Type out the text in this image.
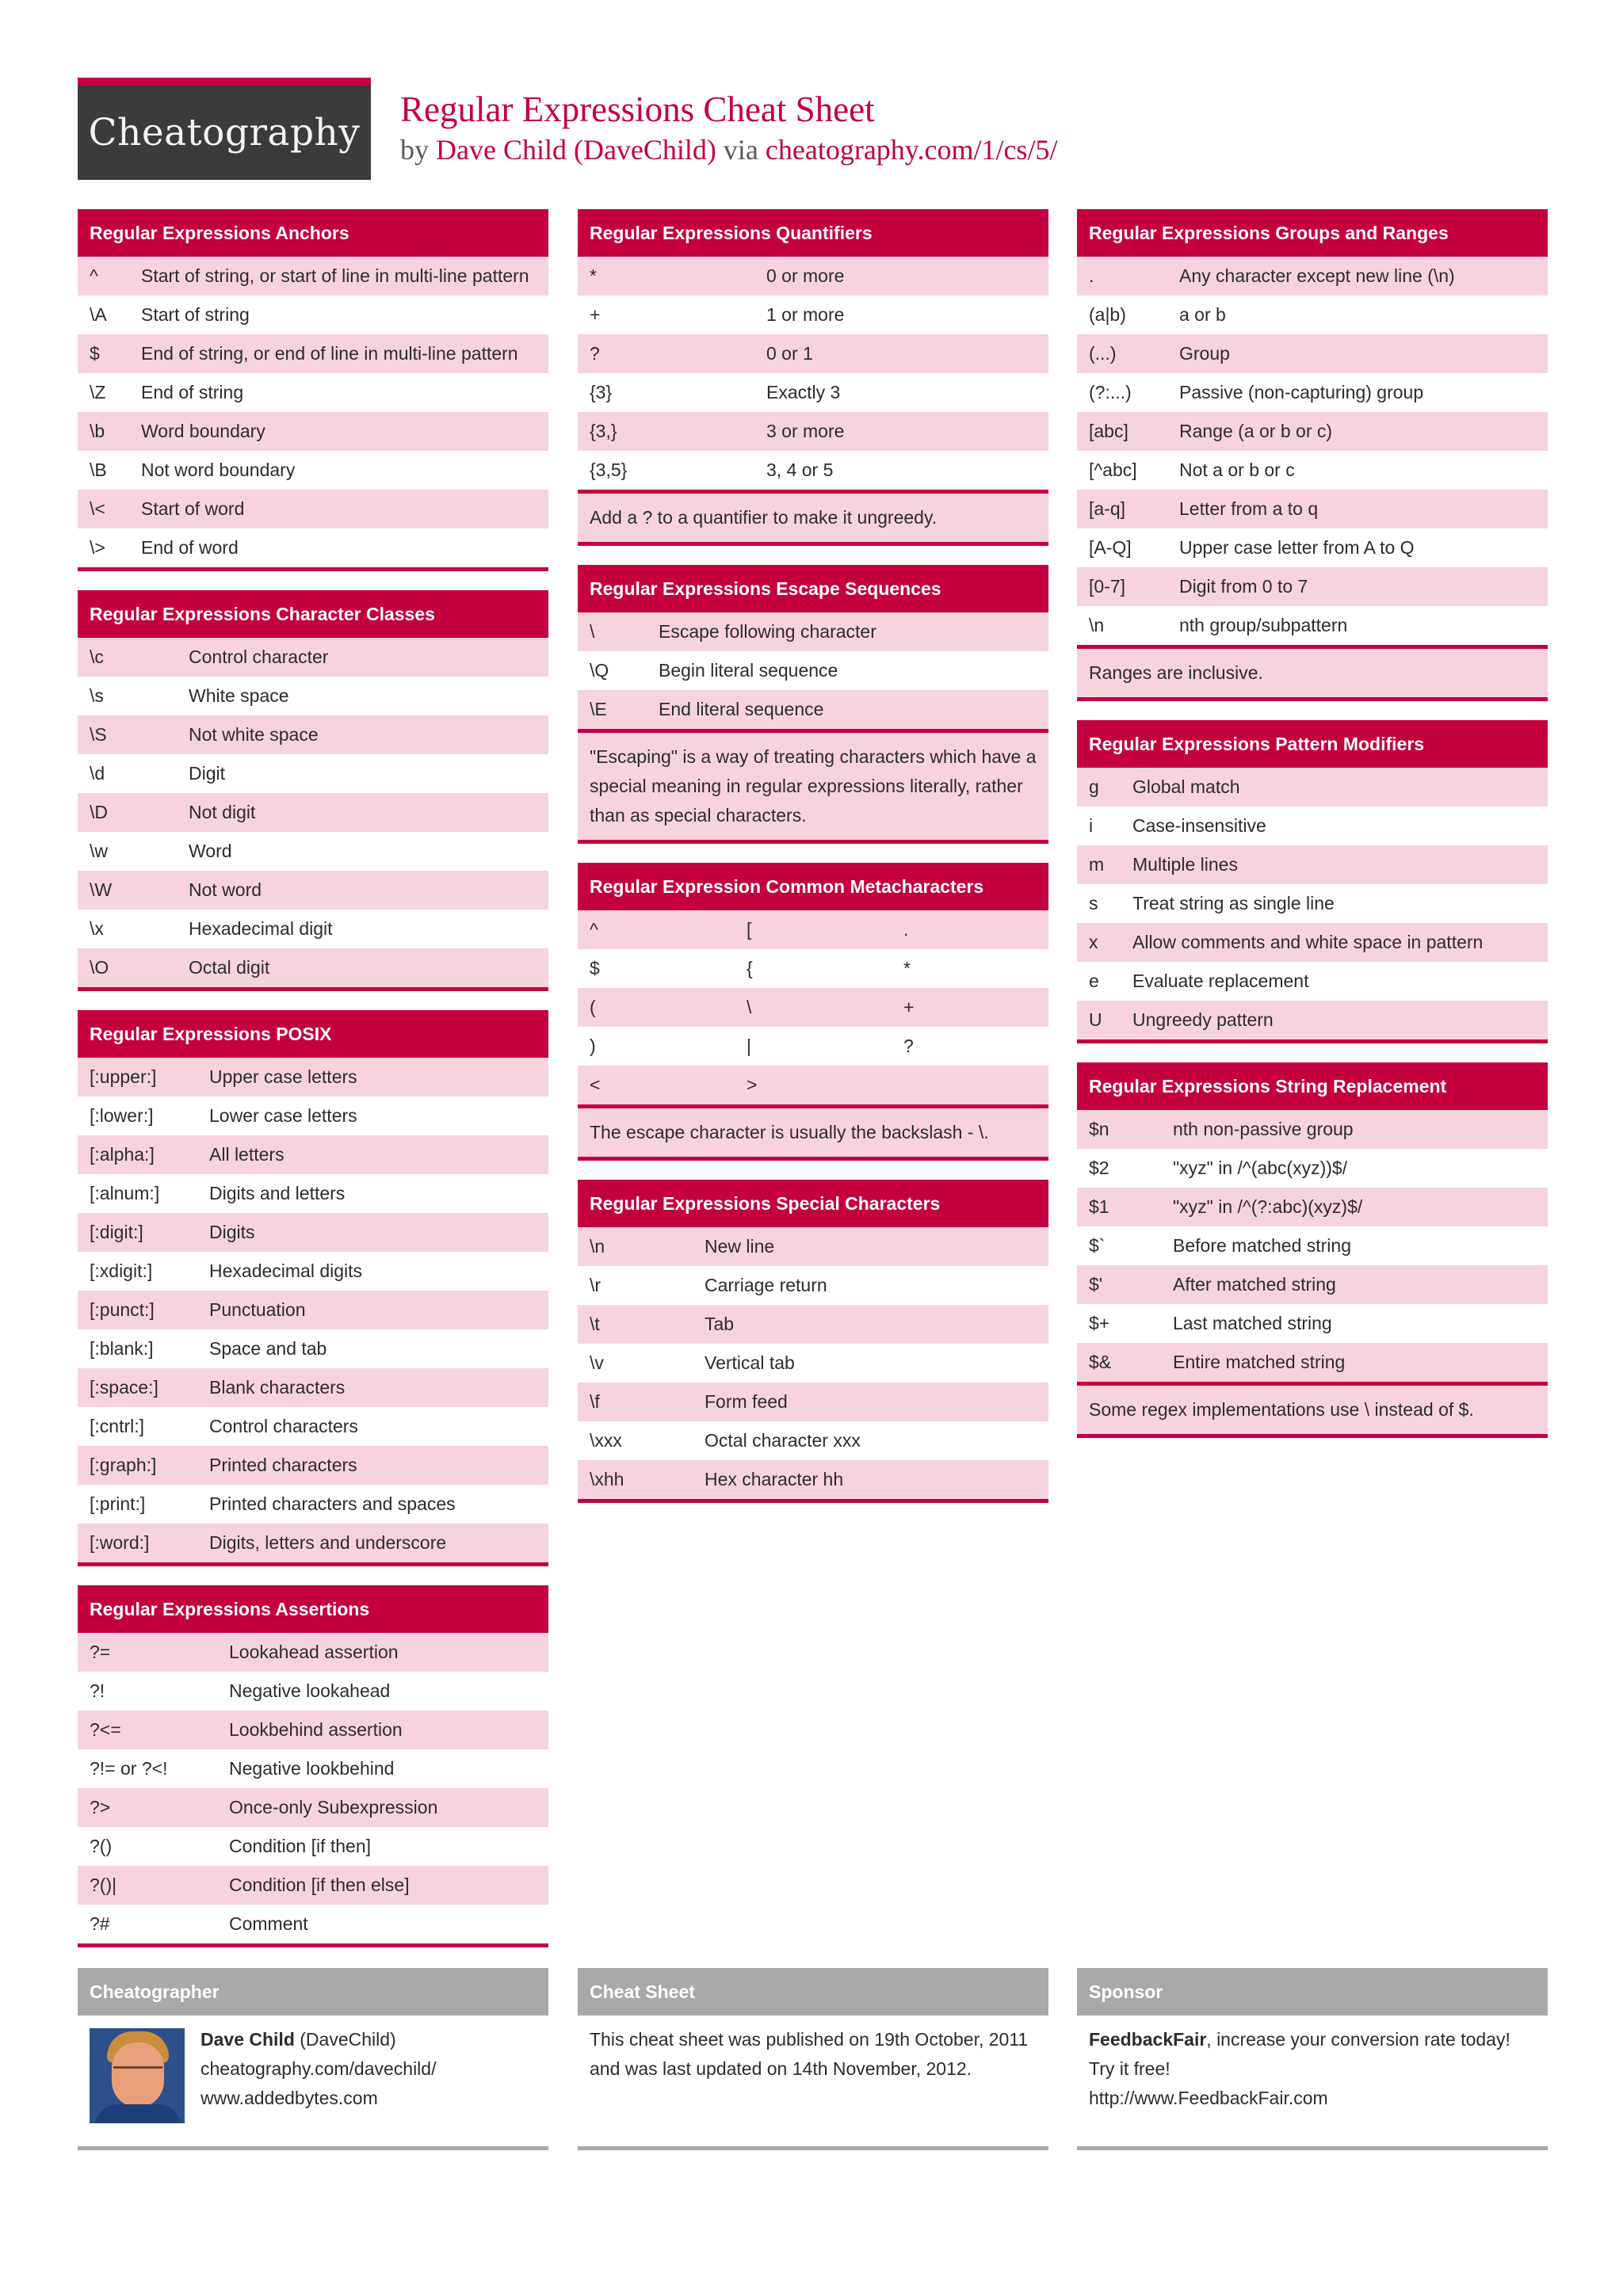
Cheatography
Regular Expressions Cheat Sheet
by Dave Child (DaveChild) via cheatography.com/1/cs/5/
Regular Expressions Anchors
^	Start of string, or start of line in multi-line pattern
\A	Start of string
$	End of string, or end of line in multi-line pattern
\Z	End of string
\b	Word boundary
\B	Not word boundary
\<	Start of word
\>	End of word
Regular Expressions Character Classes
\c	Control character
\s	White space
\S	Not white space
\d	Digit
\D	Not digit
\w	Word
\W	Not word
\x	Hexadecimal digit
\O	Octal digit
Regular Expressions POSIX
[:upper:]	Upper case letters
[:lower:]	Lower case letters
[:alpha:]	All letters
[:alnum:]	Digits and letters
[:digit:]	Digits
[:xdigit:]	Hexadecimal digits
[:punct:]	Punctuation
[:blank:]	Space and tab
[:space:]	Blank characters
[:cntrl:]	Control characters
[:graph:]	Printed characters
[:print:]	Printed characters and spaces
[:word:]	Digits, letters and underscore
Regular Expressions Assertions
?=	Lookahead assertion
?!	Negative lookahead
?<=	Lookbehind assertion
?!= or ?<!	Negative lookbehind
?>	Once-only Subexpression
?()	Condition [if then]
?()|	Condition [if then else]
?#	Comment
Regular Expressions Quantifiers
*	0 or more
+	1 or more
?	0 or 1
{3}	Exactly 3
{3,}	3 or more
{3,5}	3, 4 or 5
Add a ? to a quantifier to make it ungreedy.
Regular Expressions Escape Sequences
\	Escape following character
\Q	Begin literal sequence
\E	End literal sequence
"Escaping" is a way of treating characters which have a special meaning in regular expressions literally, rather than as special characters.
Regular Expression Common Metacharacters
^	[	.
$	{	*
(	\	+
)	|	?
<	>
The escape character is usually the backslash - \.
Regular Expressions Special Characters
\n	New line
\r	Carriage return
\t	Tab
\v	Vertical tab
\f	Form feed
\xxx	Octal character xxx
\xhh	Hex character hh
Regular Expressions Groups and Ranges
.	Any character except new line (\n)
(a|b)	a or b
(...)	Group
(?:...)	Passive (non-capturing) group
[abc]	Range (a or b or c)
[^abc]	Not a or b or c
[a-q]	Letter from a to q
[A-Q]	Upper case letter from A to Q
[0-7]	Digit from 0 to 7
\n	nth group/subpattern
Ranges are inclusive.
Regular Expressions Pattern Modifiers
g	Global match
i	Case-insensitive
m	Multiple lines
s	Treat string as single line
x	Allow comments and white space in pattern
e	Evaluate replacement
U	Ungreedy pattern
Regular Expressions String Replacement
$n	nth non-passive group
$2	"xyz" in /^(abc(xyz))$/
$1	"xyz" in /^(?:abc)(xyz)$/
$`	Before matched string
$'	After matched string
$+	Last matched string
$&	Entire matched string
Some regex implementations use \ instead of $.
Cheatographer
Dave Child (DaveChild)
cheatography.com/davechild/
www.addedbytes.com
Cheat Sheet
This cheat sheet was published on 19th October, 2011 and was last updated on 14th November, 2012.
Sponsor
FeedbackFair, increase your conversion rate today!
Try it free!
http://www.FeedbackFair.com
